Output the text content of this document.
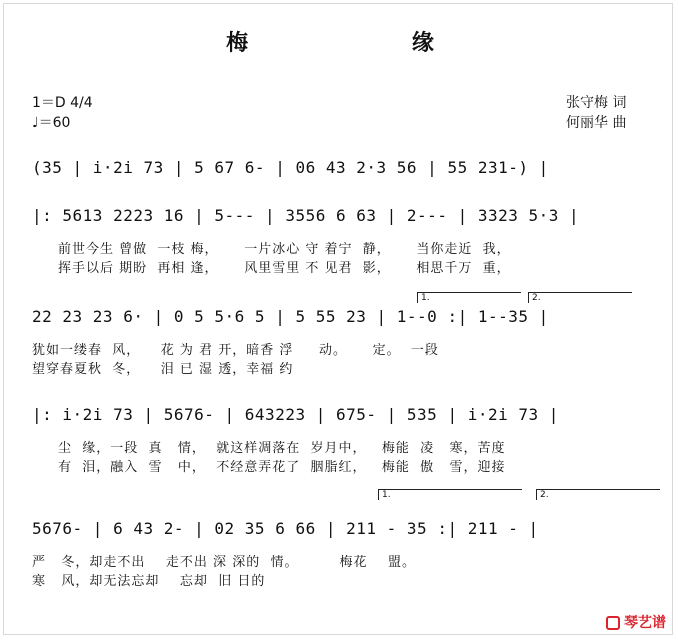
梅 缘
1＝D 4/4
♩＝60
张守梅 词
何丽华 曲
(35 | i·2i 73 | 5 67 6- | 06 43 2·3 56 | 55 231-) |
|: 5613 2223 16 | 5--- | 3556 6 63 | 2--- | 3323 5·3 |
前世今生 曾做  一枝 梅，     一片冰心 守 着宁  静，     当你走近  我，
挥手以后 期盼  再相 逢，     风里雪里 不 见君  影，     相思千万  重，
1.	2.
22 23 23 6· | 0 5 5·6 5 | 5 55 23 | 1--0 :| 1--35 |
犹如一缕春  风，    花 为 君 开，暗香 浮     动。     定。  一段
望穿春夏秋  冬，    泪 已 湿 透，幸福 约
|: i·2i 73 | 5676- | 643223 | 675- | 535 | i·2i 73 |
尘  缘，一段  真   情，  就这样凋落在  岁月中，   梅能  凌   寒，苦度
有  泪，融入  雪   中，  不经意弄花了  胭脂红，   梅能  傲   雪，迎接
1.	2.
5676- | 6 43 2- | 02 35 6 66 | 211 - 35 :| 211 - |
严   冬，却走不出    走不出 深 深的  情。        梅花    盟。
寒   风，却无法忘却    忘却  旧 日的
琴艺谱
